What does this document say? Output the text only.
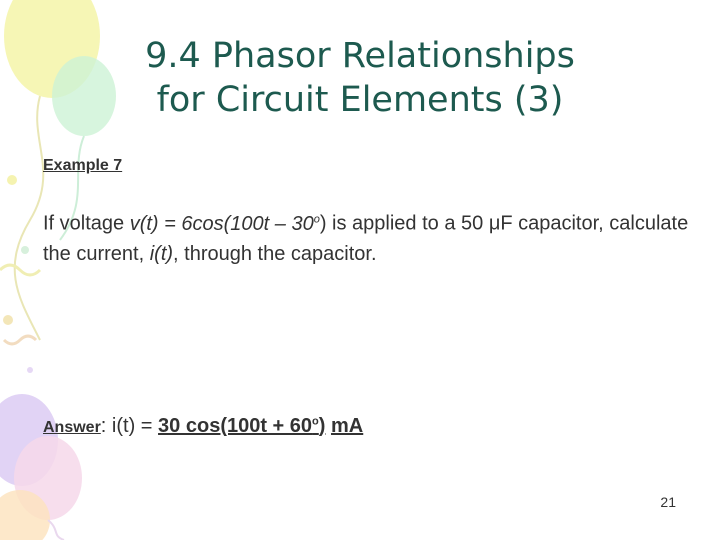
9.4 Phasor Relationships
for Circuit Elements (3)
Example 7
If voltage v(t) = 6cos(100t – 30$^o$) is applied to a 50 μF capacitor, calculate the current, i(t), through the capacitor.
Answer: i(t) = 30 $\cos(100t + 60^o)$ mA
21
